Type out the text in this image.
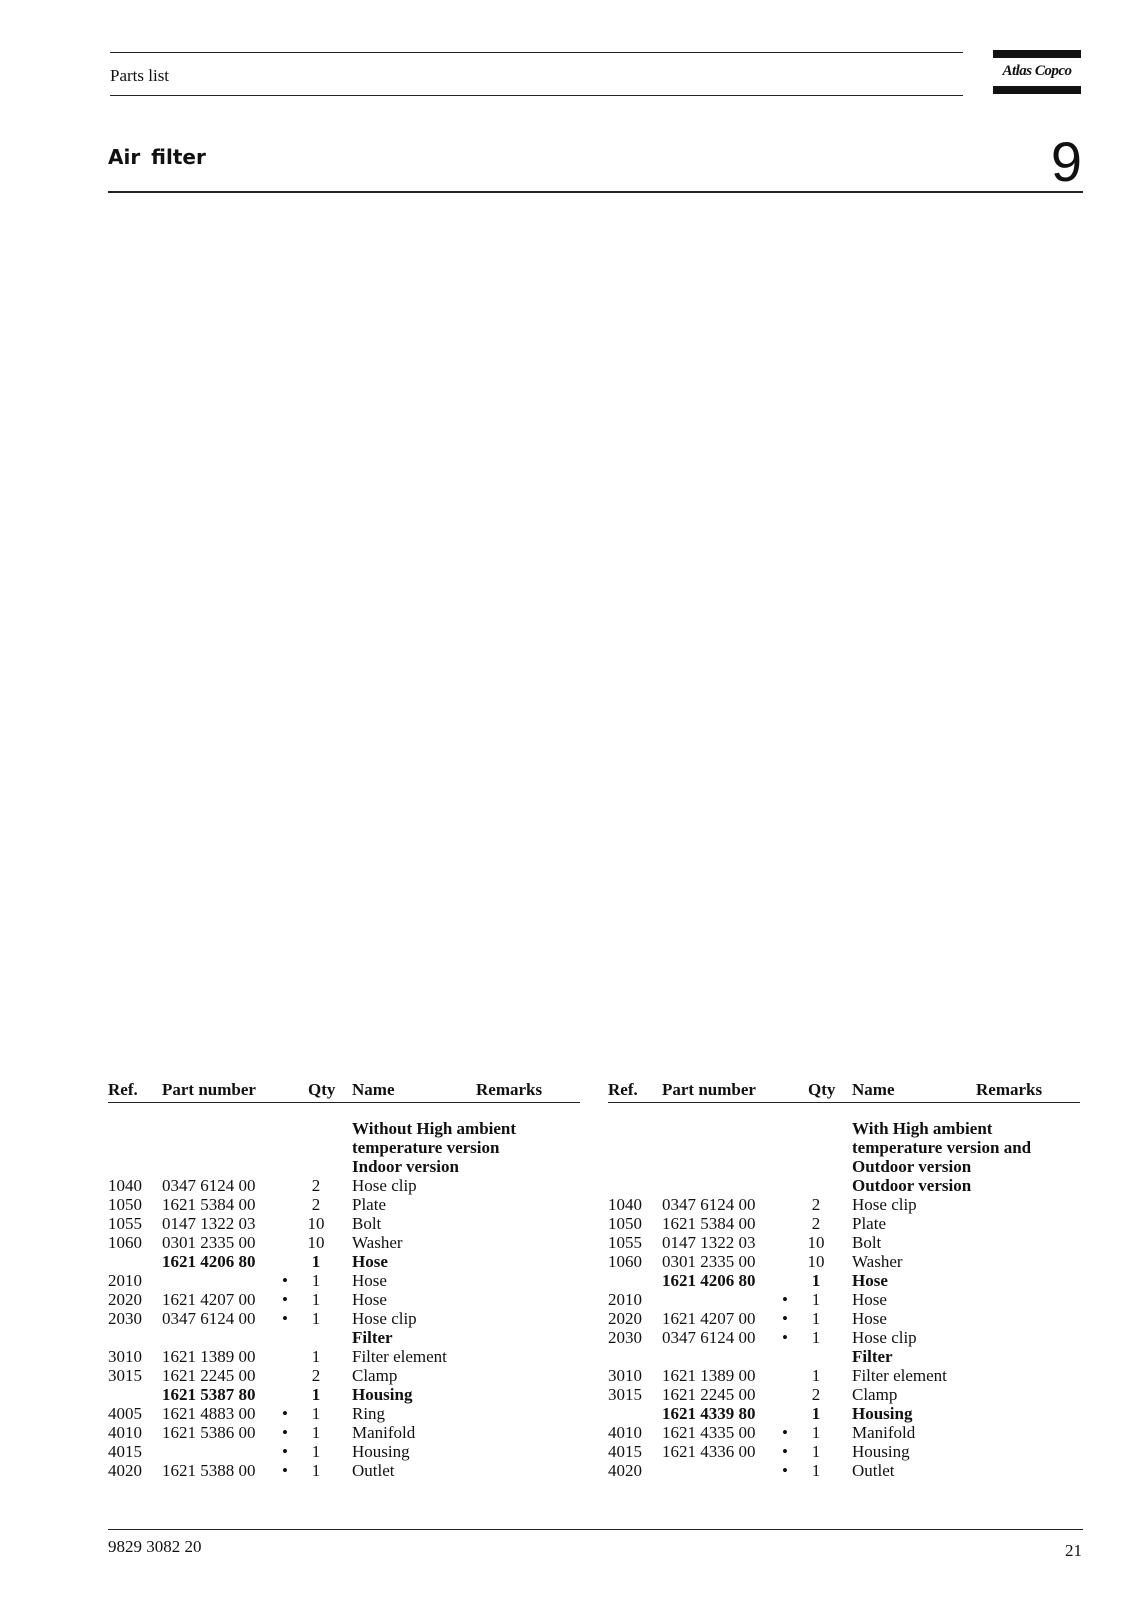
Parts list	Atlas Copco
Air filter	9
Ref. Part number	Qty Name	Remarks
Without High ambient
temperature version
Indoor version
1040 0347 6124 00	2	Hose clip
1050 1621 5384 00	2	Plate
1055 0147 1322 03	10 Bolt
1060 0301 2335 00	10 Washer
1621 4206 80	1	Hose
2010	•	1	Hose
2020 1621 4207 00 •	1	Hose
2030 0347 6124 00 •	1	Hose clip
Filter
3010 1621 1389 00	1	Filter element
3015 1621 2245 00	2	Clamp
1621 5387 80	1	Housing
4005 1621 4883 00 •	1	Ring
4010 1621 5386 00 •	1	Manifold
4015	•	1	Housing
4020 1621 5388 00 •	1	Outlet
Ref. Part number	Qty Name	Remarks
With High ambient
temperature version and
Outdoor version
Outdoor version
1040 0347 6124 00	2	Hose clip
1050 1621 5384 00	2	Plate
1055 0147 1322 03	10 Bolt
1060 0301 2335 00	10 Washer
1621 4206 80	1	Hose
2010	•	1	Hose
2020 1621 4207 00 •	1	Hose
2030 0347 6124 00 •	1	Hose clip
Filter
3010 1621 1389 00	1	Filter element
3015 1621 2245 00	2	Clamp
1621 4339 80	1	Housing
4010 1621 4335 00 •	1	Manifold
4015 1621 4336 00 •	1	Housing
4020	•	1	Outlet
9829 3082 20	21
